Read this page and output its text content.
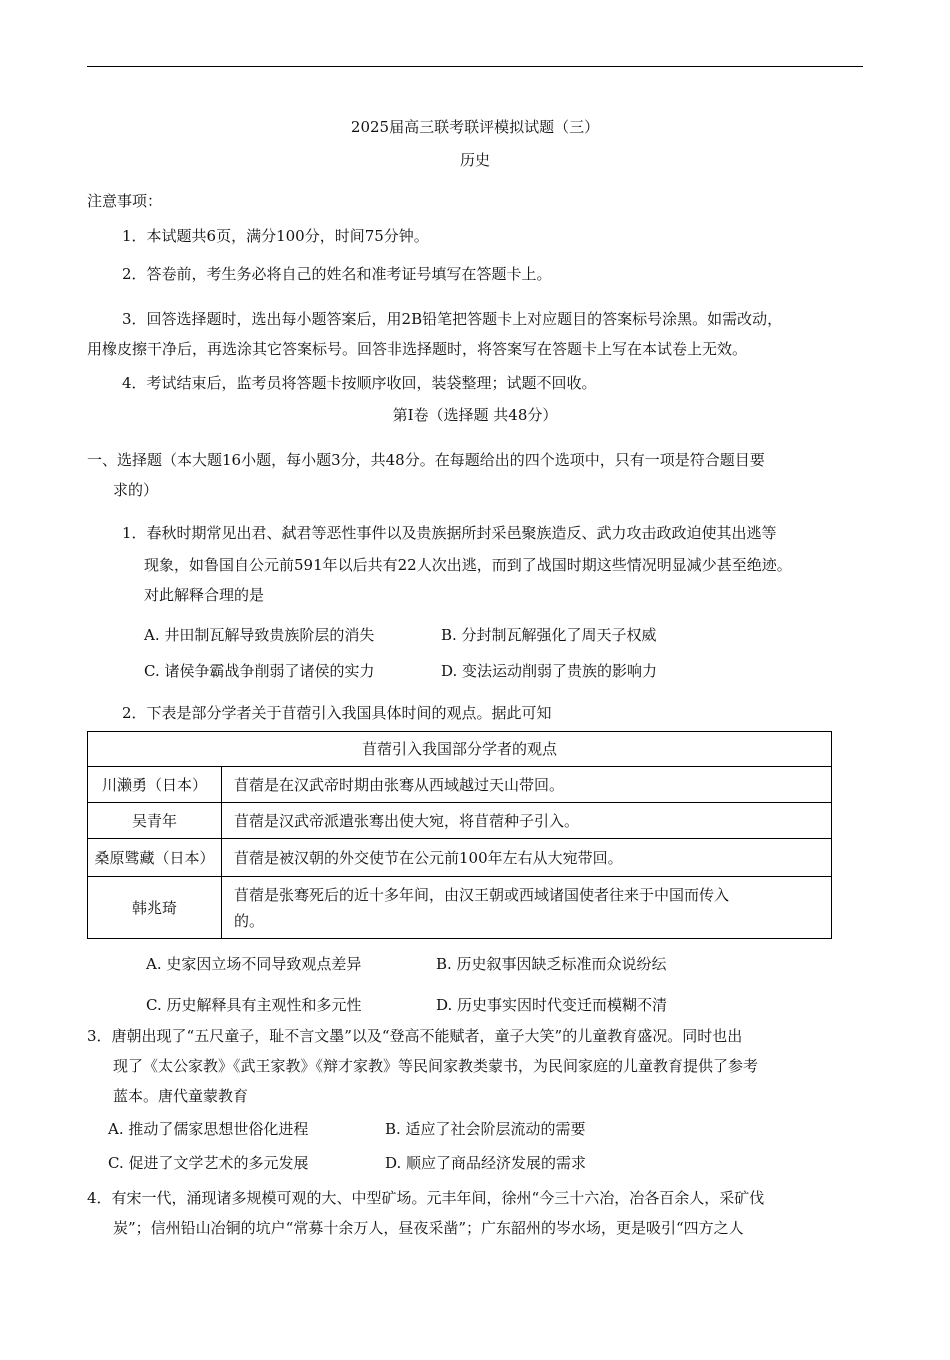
2025届高三联考联评模拟试题（三）
历史
注意事项：
1．本试题共6页，满分100分，时间75分钟。
2．答卷前，考生务必将自己的姓名和准考证号填写在答题卡上。
3．回答选择题时，选出每小题答案后，用2B铅笔把答题卡上对应题目的答案标号涂黑。如需改动，
用橡皮擦干净后，再选涂其它答案标号。回答非选择题时，将答案写在答题卡上写在本试卷上无效。
4．考试结束后，监考员将答题卡按顺序收回，装袋整理；试题不回收。
第Ⅰ卷（选择题 共48分）
一、选择题（本大题16小题，每小题3分，共48分。在每题给出的四个选项中，只有一项是符合题目要
求的）
1．春秋时期常见出君、弑君等恶性事件以及贵族据所封采邑聚族造反、武力攻击政政迫使其出逃等
现象，如鲁国自公元前591年以后共有22人次出逃，而到了战国时期这些情况明显减少甚至绝迹。
对此解释合理的是
A. 井田制瓦解导致贵族阶层的消失	B. 分封制瓦解强化了周天子权威
C. 诸侯争霸战争削弱了诸侯的实力	D. 变法运动削弱了贵族的影响力
2．下表是部分学者关于苜蓿引入我国具体时间的观点。据此可知
苜蓿引入我国部分学者的观点	
川濑勇（日本）	苜蓿是在汉武帝时期由张骞从西域越过天山带回。
吴青年	苜蓿是汉武帝派遣张骞出使大宛，将苜蓿种子引入。
桑原骘藏（日本）	苜蓿是被汉朝的外交使节在公元前100年左右从大宛带回。
韩兆琦	苜蓿是张骞死后的近十多年间，由汉王朝或西域诸国使者往来于中国而传入
的。
A. 史家因立场不同导致观点差异	B. 历史叙事因缺乏标准而众说纷纭
C. 历史解释具有主观性和多元性	D. 历史事实因时代变迁而模糊不清
3．唐朝出现了“五尺童子，耻不言文墨”以及“登高不能赋者，童子大笑”的儿童教育盛况。同时也出
现了《太公家教》《武王家教》《辩才家教》等民间家教类蒙书，为民间家庭的儿童教育提供了参考
蓝本。唐代童蒙教育
A. 推动了儒家思想世俗化进程	B. 适应了社会阶层流动的需要
C. 促进了文学艺术的多元发展	D. 顺应了商品经济发展的需求
4．有宋一代，涌现诸多规模可观的大、中型矿场。元丰年间，徐州“今三十六冶，冶各百余人，采矿伐
炭”；信州铅山冶铜的坑户“常募十余万人，昼夜采凿”；广东韶州的岑水场，更是吸引“四方之人
